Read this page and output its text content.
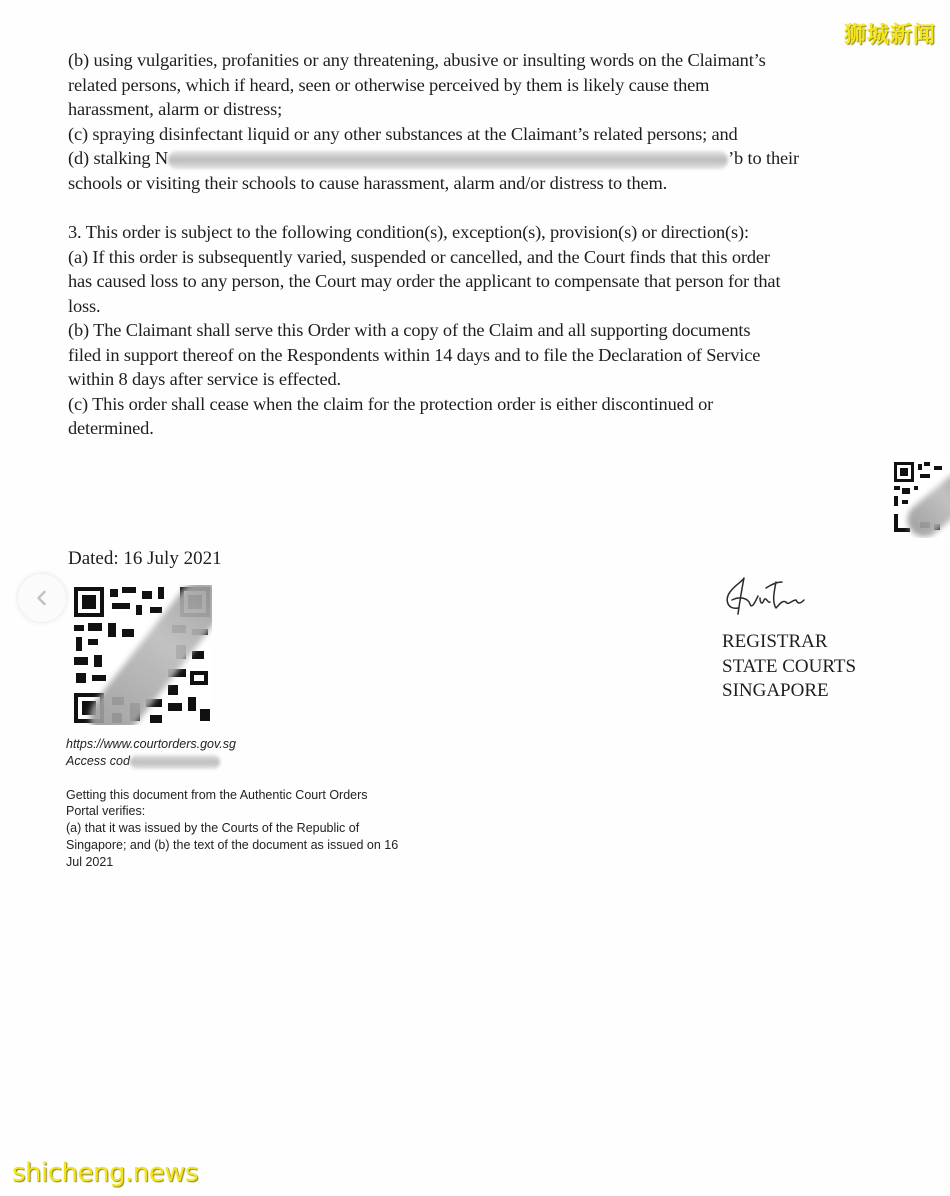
狮城新闻
(b) using vulgarities, profanities or any threatening, abusive or insulting words on the Claimant’s
related persons, which if heard, seen or otherwise perceived by them is likely cause them
harassment, alarm or distress;
(c) spraying disinfectant liquid or any other substances at the Claimant’s related persons; and
(d) stalking N	’b to their
schools or visiting their schools to cause harassment, alarm and/or distress to them.
3. This order is subject to the following condition(s), exception(s), provision(s) or direction(s):
(a) If this order is subsequently varied, suspended or cancelled, and the Court finds that this order
has caused loss to any person, the Court may order the applicant to compensate that person for that
loss.
(b) The Claimant shall serve this Order with a copy of the Claim and all supporting documents
filed in support thereof on the Respondents within 14 days and to file the Declaration of Service
within 8 days after service is effected.
(c) This order shall cease when the claim for the protection order is either discontinued or
determined.
Dated: 16 July 2021
REGISTRAR
STATE COURTS
SINGAPORE
https://www.courtorders.gov.sg
Access cod
Getting this document from the Authentic Court Orders
Portal verifies:
(a) that it was issued by the Courts of the Republic of
Singapore; and (b) the text of the document as issued on 16
Jul 2021
shicheng.news
